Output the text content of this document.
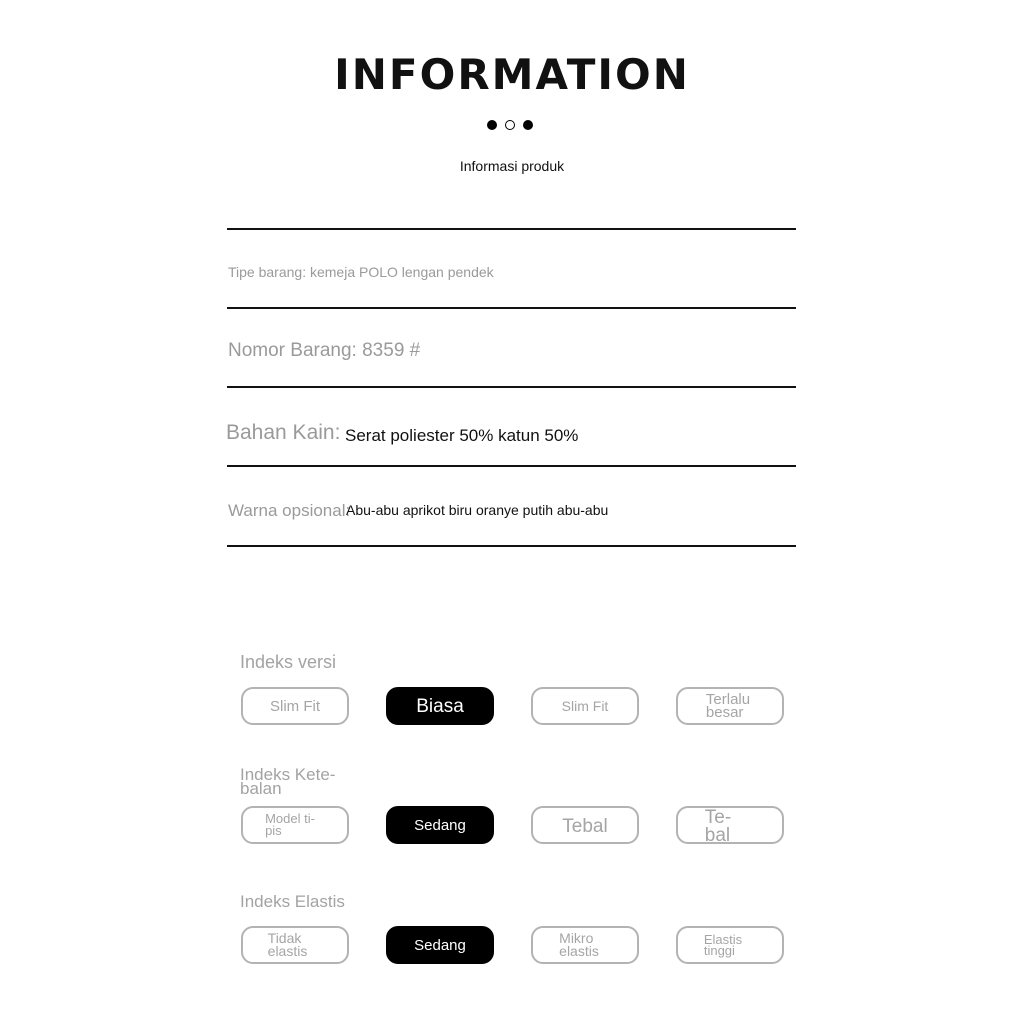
INFORMATION
Informasi produk
Tipe barang: kemeja POLO lengan pendek
Nomor Barang: 8359 #
Bahan Kain: Serat poliester 50% katun 50%
Warna opsional:
Abu-abu aprikot biru oranye putih abu-abu
Indeks versi
Slim Fit	Biasa	Slim Fit	Terlalu
besar
Indeks Kete-
balan
Model ti-
pis	Sedang	Tebal	Te-
bal
Indeks Elastis
Tidak
elastis	Sedang	Mikro
elastis
Elastis
tinggi
